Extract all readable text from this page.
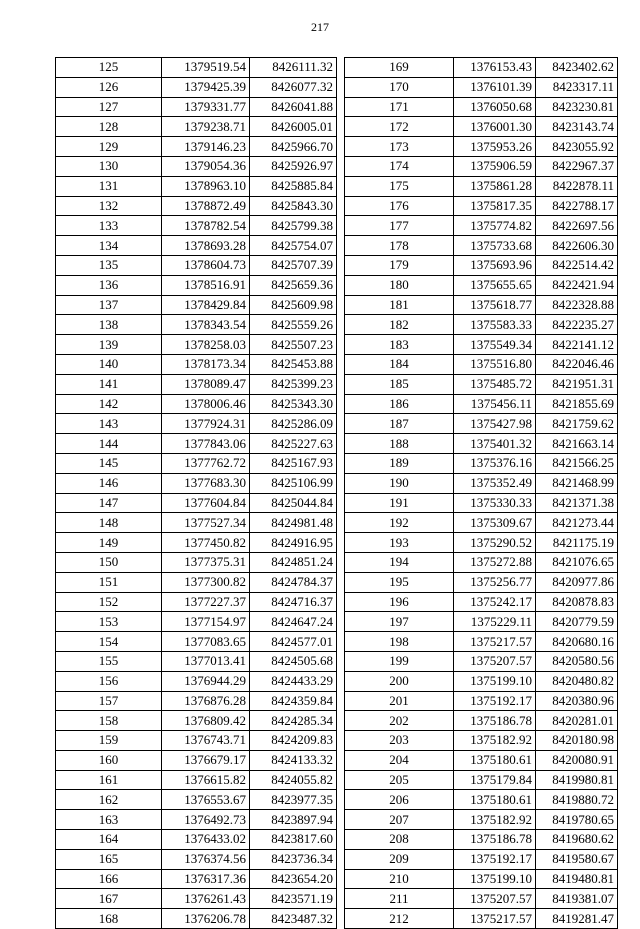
217
125	1379519.54	8426111.32
126	1379425.39	8426077.32
127	1379331.77	8426041.88
128	1379238.71	8426005.01
129	1379146.23	8425966.70
130	1379054.36	8425926.97
131	1378963.10	8425885.84
132	1378872.49	8425843.30
133	1378782.54	8425799.38
134	1378693.28	8425754.07
135	1378604.73	8425707.39
136	1378516.91	8425659.36
137	1378429.84	8425609.98
138	1378343.54	8425559.26
139	1378258.03	8425507.23
140	1378173.34	8425453.88
141	1378089.47	8425399.23
142	1378006.46	8425343.30
143	1377924.31	8425286.09
144	1377843.06	8425227.63
145	1377762.72	8425167.93
146	1377683.30	8425106.99
147	1377604.84	8425044.84
148	1377527.34	8424981.48
149	1377450.82	8424916.95
150	1377375.31	8424851.24
151	1377300.82	8424784.37
152	1377227.37	8424716.37
153	1377154.97	8424647.24
154	1377083.65	8424577.01
155	1377013.41	8424505.68
156	1376944.29	8424433.29
157	1376876.28	8424359.84
158	1376809.42	8424285.34
159	1376743.71	8424209.83
160	1376679.17	8424133.32
161	1376615.82	8424055.82
162	1376553.67	8423977.35
163	1376492.73	8423897.94
164	1376433.02	8423817.60
165	1376374.56	8423736.34
166	1376317.36	8423654.20
167	1376261.43	8423571.19
168	1376206.78	8423487.32
169	1376153.43	8423402.62
170	1376101.39	8423317.11
171	1376050.68	8423230.81
172	1376001.30	8423143.74
173	1375953.26	8423055.92
174	1375906.59	8422967.37
175	1375861.28	8422878.11
176	1375817.35	8422788.17
177	1375774.82	8422697.56
178	1375733.68	8422606.30
179	1375693.96	8422514.42
180	1375655.65	8422421.94
181	1375618.77	8422328.88
182	1375583.33	8422235.27
183	1375549.34	8422141.12
184	1375516.80	8422046.46
185	1375485.72	8421951.31
186	1375456.11	8421855.69
187	1375427.98	8421759.62
188	1375401.32	8421663.14
189	1375376.16	8421566.25
190	1375352.49	8421468.99
191	1375330.33	8421371.38
192	1375309.67	8421273.44
193	1375290.52	8421175.19
194	1375272.88	8421076.65
195	1375256.77	8420977.86
196	1375242.17	8420878.83
197	1375229.11	8420779.59
198	1375217.57	8420680.16
199	1375207.57	8420580.56
200	1375199.10	8420480.82
201	1375192.17	8420380.96
202	1375186.78	8420281.01
203	1375182.92	8420180.98
204	1375180.61	8420080.91
205	1375179.84	8419980.81
206	1375180.61	8419880.72
207	1375182.92	8419780.65
208	1375186.78	8419680.62
209	1375192.17	8419580.67
210	1375199.10	8419480.81
211	1375207.57	8419381.07
212	1375217.57	8419281.47
